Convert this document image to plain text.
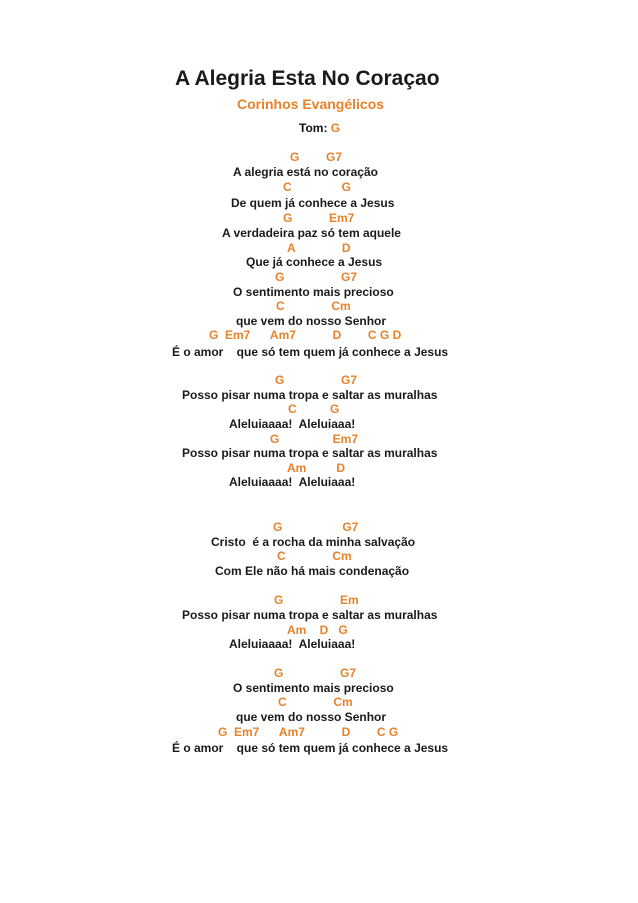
A Alegria Esta No Coraçao
Corinhos Evangélicos
Tom: G
G        G7
A alegria está no coração
C               G
De quem já conhece a Jesus
G           Em7
A verdadeira paz só tem aquele
A              D
Que já conhece a Jesus
G                 G7
O sentimento mais precioso
C              Cm
que vem do nosso Senhor
G  Em7      Am7           D        C G D
É o amor    que só tem quem já conhece a Jesus
G                 G7
Posso pisar numa tropa e saltar as muralhas
C          G
Aleluiaaaa!  Aleluiaaa!
G                Em7
Posso pisar numa tropa e saltar as muralhas
Am         D
Aleluiaaaa!  Aleluiaaa!
G                  G7
Cristo  é a rocha da minha salvação
C              Cm
Com Ele não há mais condenação
G                 Em
Posso pisar numa tropa e saltar as muralhas
Am    D   G
Aleluiaaaa!  Aleluiaaa!
G                 G7
O sentimento mais precioso
C              Cm
que vem do nosso Senhor
G  Em7      Am7           D        C G
É o amor    que só tem quem já conhece a Jesus
